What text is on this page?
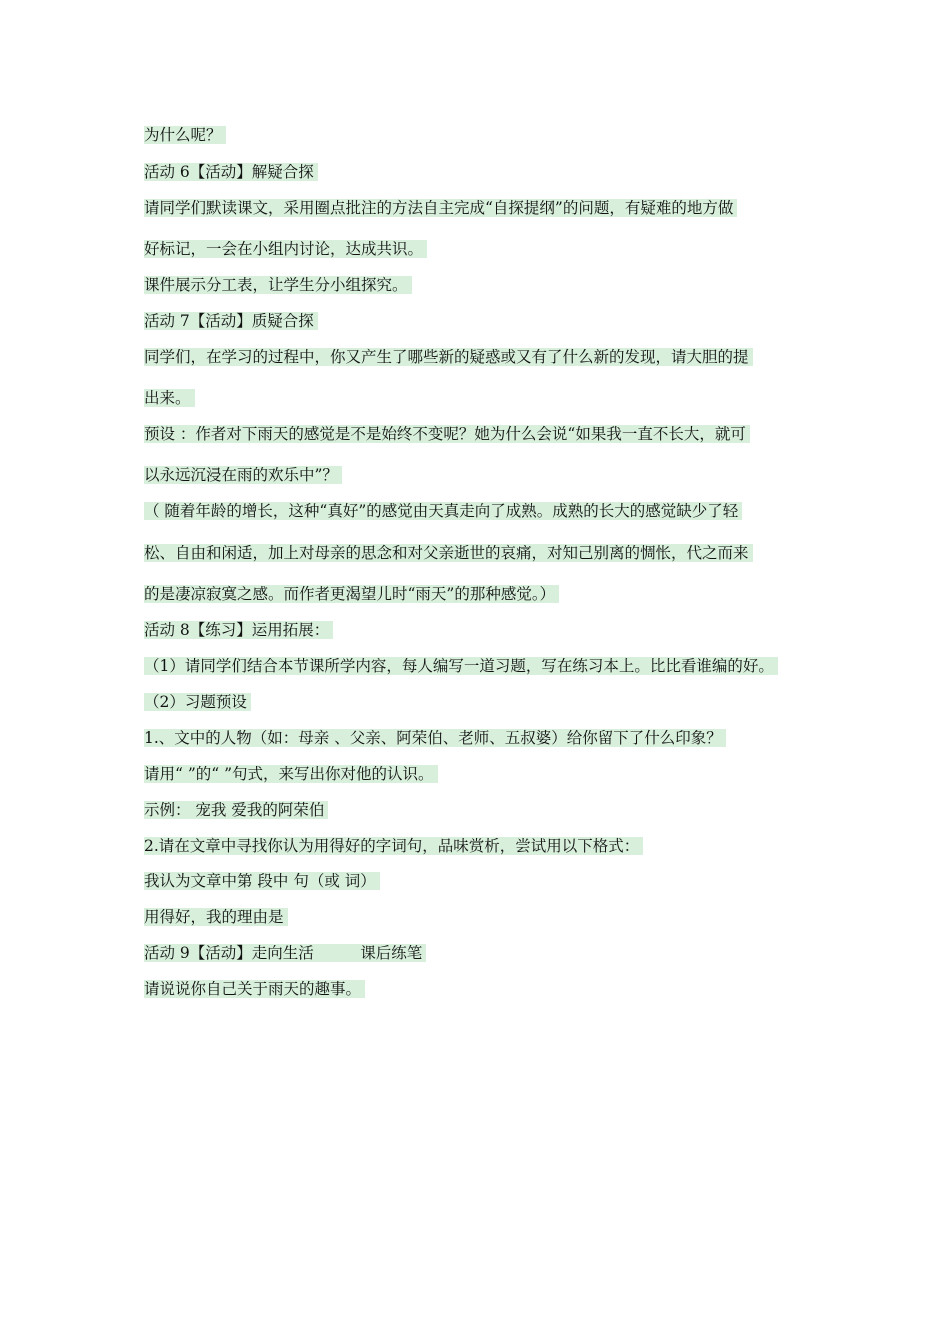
为什么呢？
活动 6【活动】解疑合探
请同学们默读课文，采用圈点批注的方法自主完成“自探提纲”的问题，有疑难的地方做
好标记，一会在小组内讨论，达成共识。
课件展示分工表，让学生分小组探究。
活动 7【活动】质疑合探
同学们，在学习的过程中，你又产生了哪些新的疑惑或又有了什么新的发现，请大胆的提
出来。
预设 ：作者对下雨天的感觉是不是始终不变呢？她为什么会说“如果我一直不长大，就可
以永远沉浸在雨的欢乐中”？
（ 随着年龄的增长，这种“真好”的感觉由天真走向了成熟。成熟的长大的感觉缺少了轻
松、自由和闲适，加上对母亲的思念和对父亲逝世的哀痛，对知己别离的惆怅，代之而来
的是凄凉寂寞之感。而作者更渴望儿时“雨天”的那种感觉。）
活动 8【练习】运用拓展：
（1）请同学们结合本节课所学内容，每人编写一道习题，写在练习本上。比比看谁编的好。
（2）习题预设
1.、文中的人物（如：母亲 、父亲、阿荣伯、老师、五叔婆）给你留下了什么印象？
请用“ ”的“ ”句式，来写出你对他的认识。
示例： 宠我 爱我的阿荣伯
2.请在文章中寻找你认为用得好的字词句，品味赏析，尝试用以下格式：
我认为文章中第 段中 句（或 词）
用得好，我的理由是
活动 9【活动】走向生活　　　课后练笔
请说说你自己关于雨天的趣事。
